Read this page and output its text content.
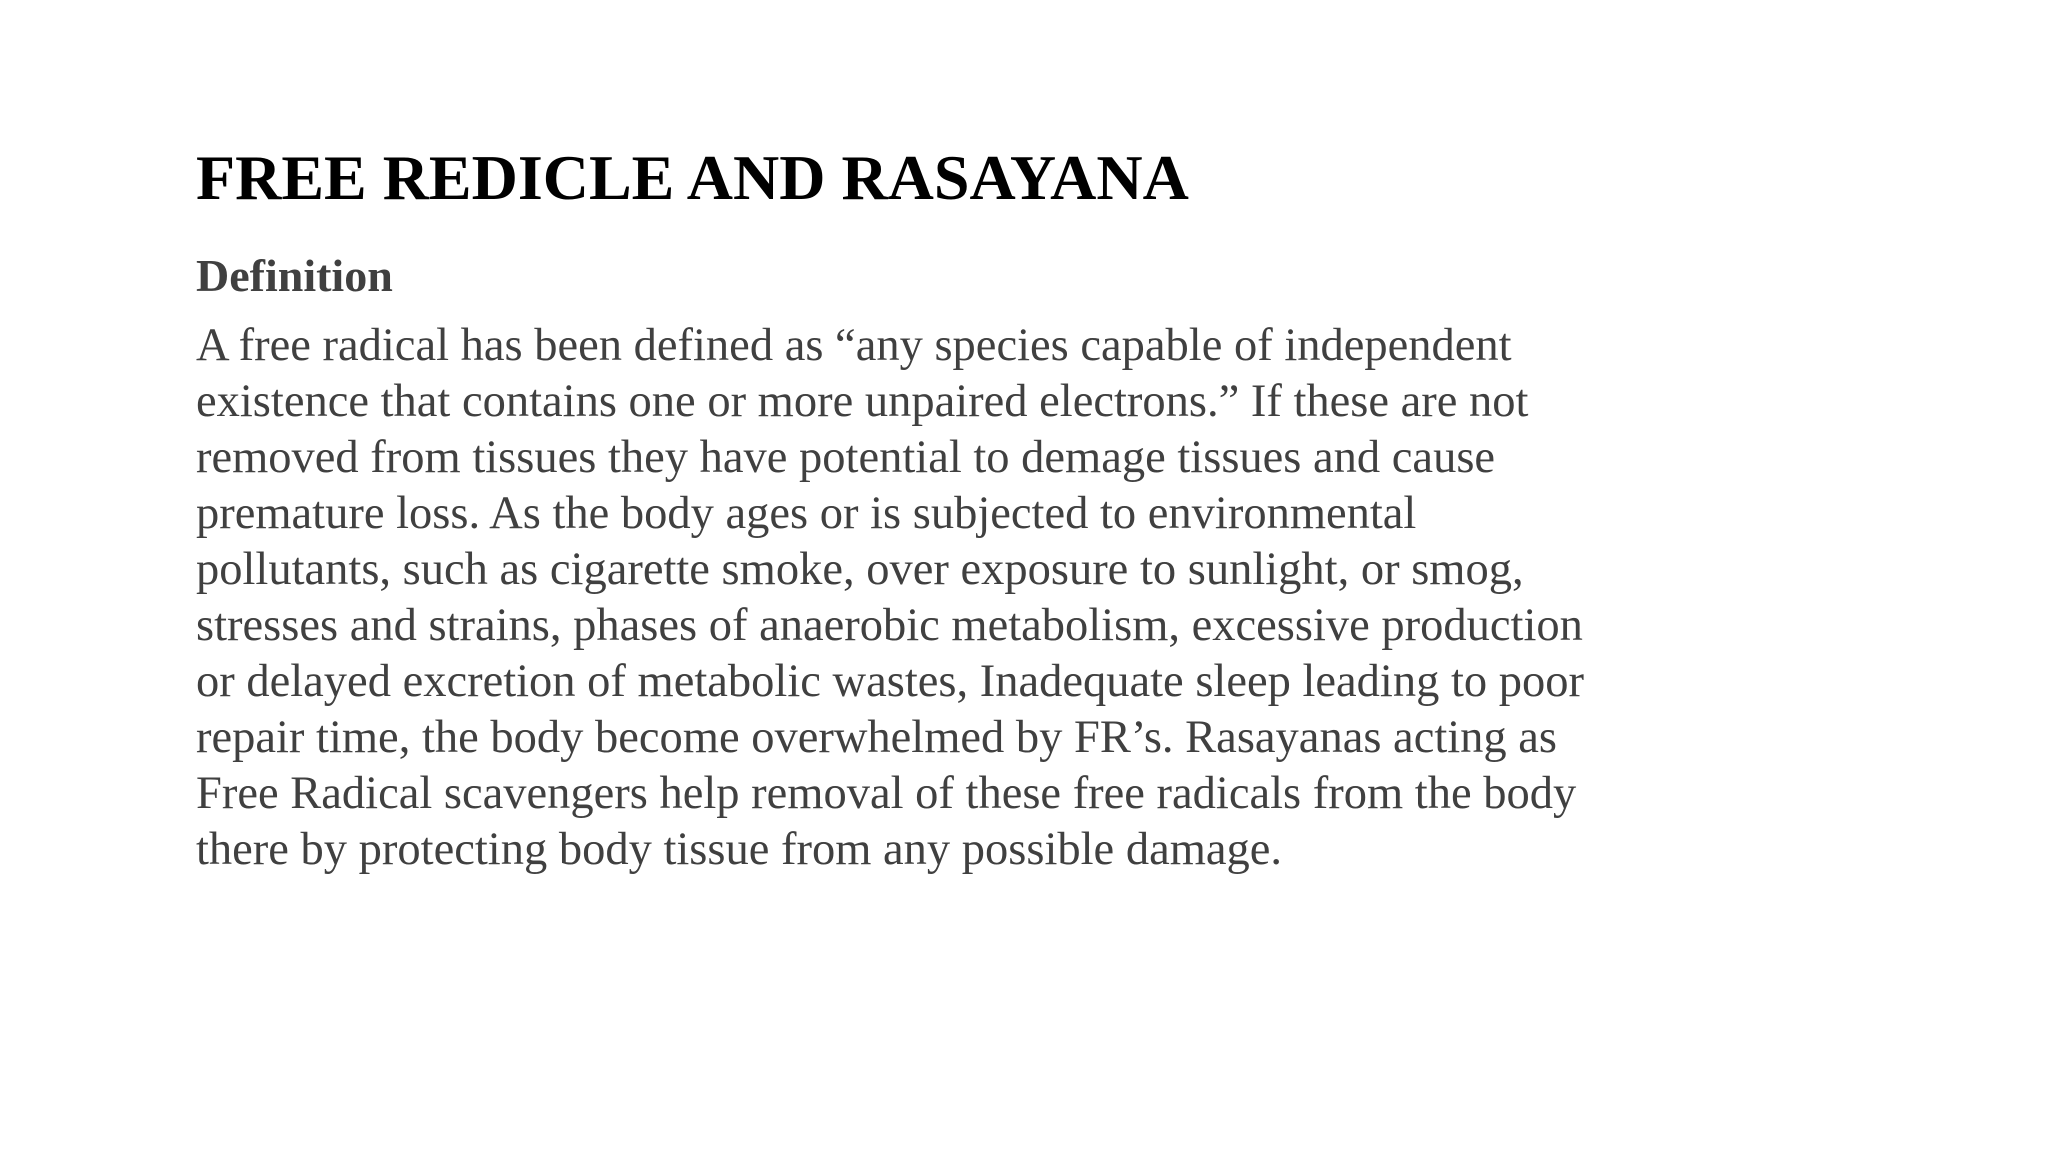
FREE REDICLE AND RASAYANA
Definition
A free radical has been defined as “any species capable of independent
existence that contains one or more unpaired electrons.” If these are not
removed from tissues they have potential to demage tissues and cause
premature loss. As the body ages or is subjected to environmental
pollutants, such as cigarette smoke, over exposure to sunlight, or smog,
stresses and strains, phases of anaerobic metabolism, excessive production
or delayed excretion of metabolic wastes, Inadequate sleep leading to poor
repair time, the body become overwhelmed by FR’s. Rasayanas acting as
Free Radical scavengers help removal of these free radicals from the body
there by protecting body tissue from any possible damage.
